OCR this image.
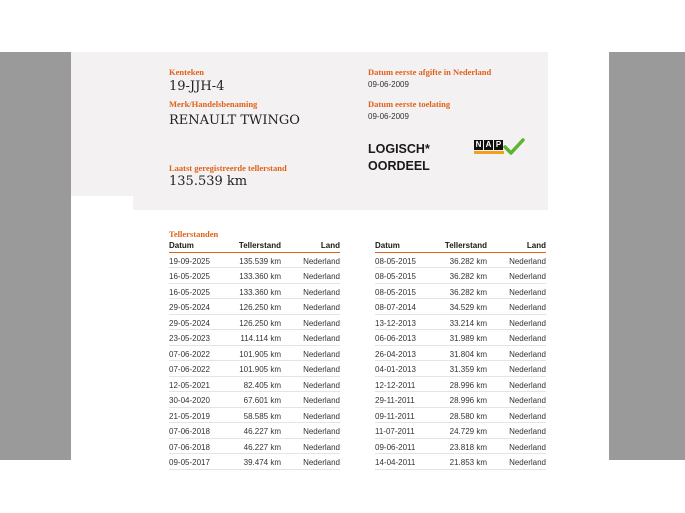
Kenteken
19-JJH-4
Merk/Handelsbenaming
RENAULT TWINGO
Laatst geregistreerde tellerstand
135.539 km
Datum eerste afgifte in Nederland
09-06-2009
Datum eerste toelating
09-06-2009
LOGISCH*
OORDEEL
N A P
Tellerstanden
Datum	Tellerstand	Land
19-09-2025	135.539 km	Nederland
16-05-2025	133.360 km	Nederland
16-05-2025	133.360 km	Nederland
29-05-2024	126.250 km	Nederland
29-05-2024	126.250 km	Nederland
23-05-2023	114.114 km	Nederland
07-06-2022	101.905 km	Nederland
07-06-2022	101.905 km	Nederland
12-05-2021	82.405 km	Nederland
30-04-2020	67.601 km	Nederland
21-05-2019	58.585 km	Nederland
07-06-2018	46.227 km	Nederland
07-06-2018	46.227 km	Nederland
09-05-2017	39.474 km	Nederland
Datum	Tellerstand	Land
08-05-2015	36.282 km	Nederland
08-05-2015	36.282 km	Nederland
08-05-2015	36.282 km	Nederland
08-07-2014	34.529 km	Nederland
13-12-2013	33.214 km	Nederland
06-06-2013	31.989 km	Nederland
26-04-2013	31.804 km	Nederland
04-01-2013	31.359 km	Nederland
12-12-2011	28.996 km	Nederland
29-11-2011	28.996 km	Nederland
09-11-2011	28.580 km	Nederland
11-07-2011	24.729 km	Nederland
09-06-2011	23.818 km	Nederland
14-04-2011	21.853 km	Nederland
